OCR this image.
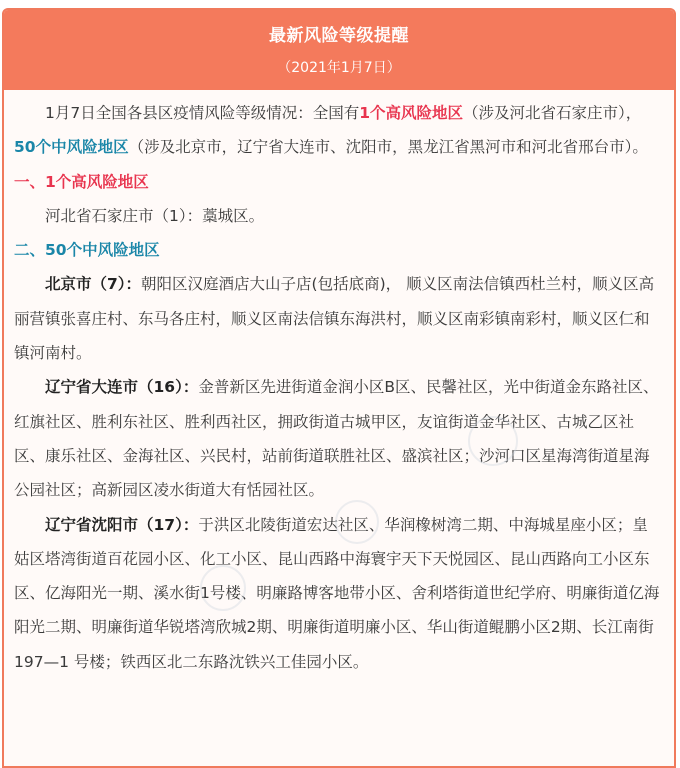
最新风险等级提醒
（2021年1月7日）

1月7日全国各县区疫情风险等级情况：全国有1个高风险地区（涉及河北省石家庄市），50个中风险地区（涉及北京市，辽宁省大连市、沈阳市，黑龙江省黑河市和河北省邢台市）。

一、1个高风险地区

河北省石家庄市（1）：藁城区。

二、50个中风险地区

北京市（7）：朝阳区汉庭酒店大山子店(包括底商)， 顺义区南法信镇西杜兰村，顺义区高丽营镇张喜庄村、东马各庄村，顺义区南法信镇东海洪村，顺义区南彩镇南彩村，顺义区仁和镇河南村。

辽宁省大连市（16）：金普新区先进街道金润小区B区、民馨社区，光中街道金东路社区、红旗社区、胜利东社区、胜利西社区，拥政街道古城甲区，友谊街道金华社区、古城乙区社区、康乐社区、金海社区、兴民村，站前街道联胜社区、盛滨社区；沙河口区星海湾街道星海公园社区；高新园区凌水街道大有恬园社区。

辽宁省沈阳市（17）：于洪区北陵街道宏达社区、华润橡树湾二期、中海城星座小区；皇姑区塔湾街道百花园小区、化工小区、昆山西路中海寰宇天下天悦园区、昆山西路向工小区东区、亿海阳光一期、溪水街1号楼、明廉路博客地带小区、舍利塔街道世纪学府、明廉街道亿海阳光二期、明廉街道华锐塔湾欣城2期、明廉街道明廉小区、华山街道鲲鹏小区2期、长江南街 197—1 号楼；铁西区北二东路沈铁兴工佳园小区。
